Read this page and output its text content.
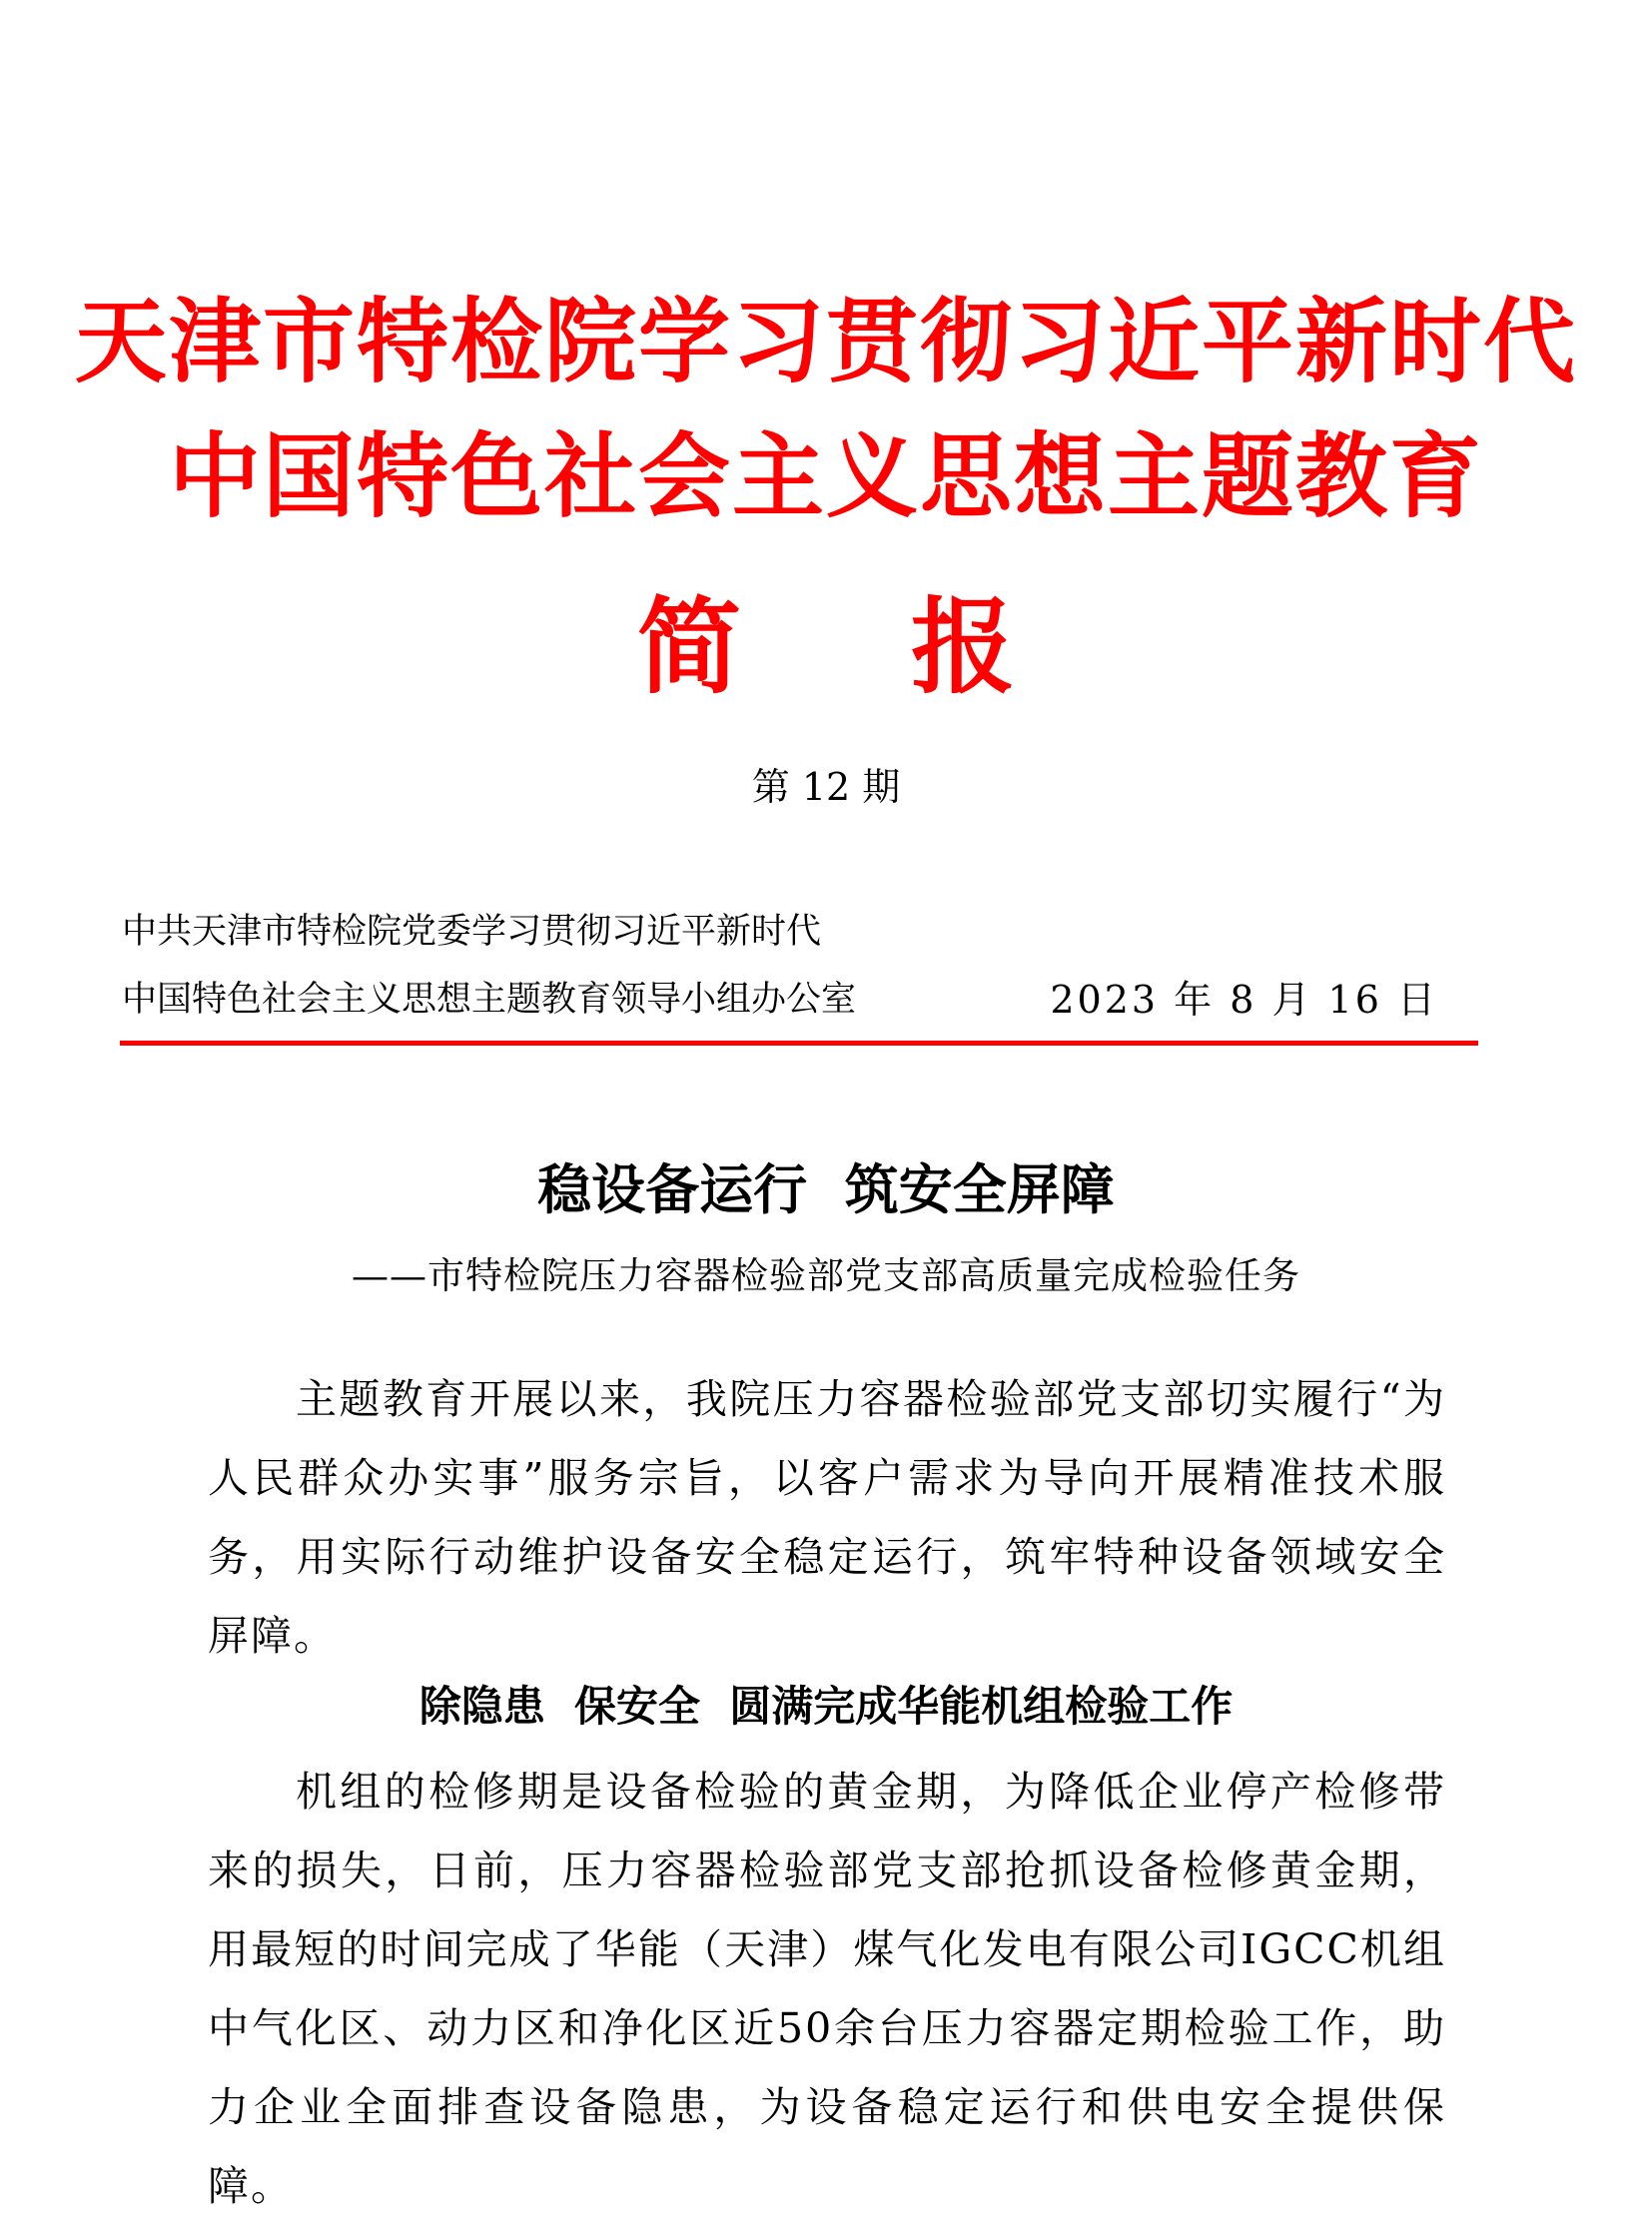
天津市特检院学习贯彻习近平新时代
中国特色社会主义思想主题教育
简 报
第 12 期
中共天津市特检院党委学习贯彻习近平新时代
中国特色社会主义思想主题教育领导小组办公室	2023 年 8 月 16 日
稳设备运行  筑安全屏障
——市特检院压力容器检验部党支部高质量完成检验任务

主题教育开展以来，我院压力容器检验部党支部切实履行“为人民群众办实事”服务宗旨，以客户需求为导向开展精准技术服务，用实际行动维护设备安全稳定运行，筑牢特种设备领域安全屏障。

除隐患  保安全  圆满完成华能机组检验工作

机组的检修期是设备检验的黄金期，为降低企业停产检修带来的损失，日前，压力容器检验部党支部抢抓设备检修黄金期，用最短的时间完成了华能（天津）煤气化发电有限公司IGCC机组中气化区、动力区和净化区近50余台压力容器定期检验工作，助力企业全面排查设备隐患，为设备稳定运行和供电安全提供保障。
